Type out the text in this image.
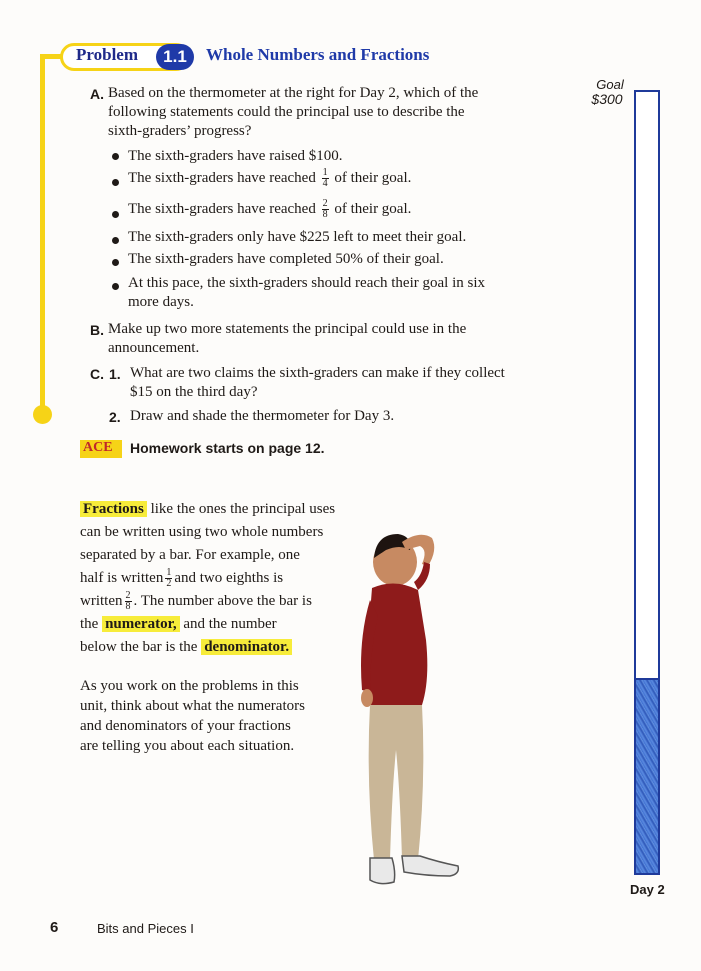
Problem	1.1	Whole Numbers and Fractions
A. Based on the thermometer at the right for Day 2, which of the
following statements could the principal use to describe the
sixth-graders’ progress?
The sixth-graders have raised $100.
The sixth-graders have reached $\frac{1}{4}$ of their goal.
The sixth-graders have reached $\frac{2}{8}$ of their goal.
The sixth-graders only have $225 left to meet their goal.
The sixth-graders have completed 50% of their goal.
At this pace, the sixth-graders should reach their goal in six
more days.
B. Make up two more statements the principal could use in the
announcement.
C. 1. What are two claims the sixth-graders can make if they collect
$15 on the third day?
2. Draw and shade the thermometer for Day 3.
ACE Homework starts on page 12.
Fractions like the ones the principal uses
can be written using two whole numbers
separated by a bar. For example, one
half is written $\frac{1}{2}$ and two eighths is
written $\frac{2}{8}$ . The number above the bar is
the numerator, and the number
below the bar is the denominator.
As you work on the problems in this
unit, think about what the numerators
and denominators of your fractions
are telling you about each situation.
Goal
$300
Day 2
6	Bits and Pieces I
